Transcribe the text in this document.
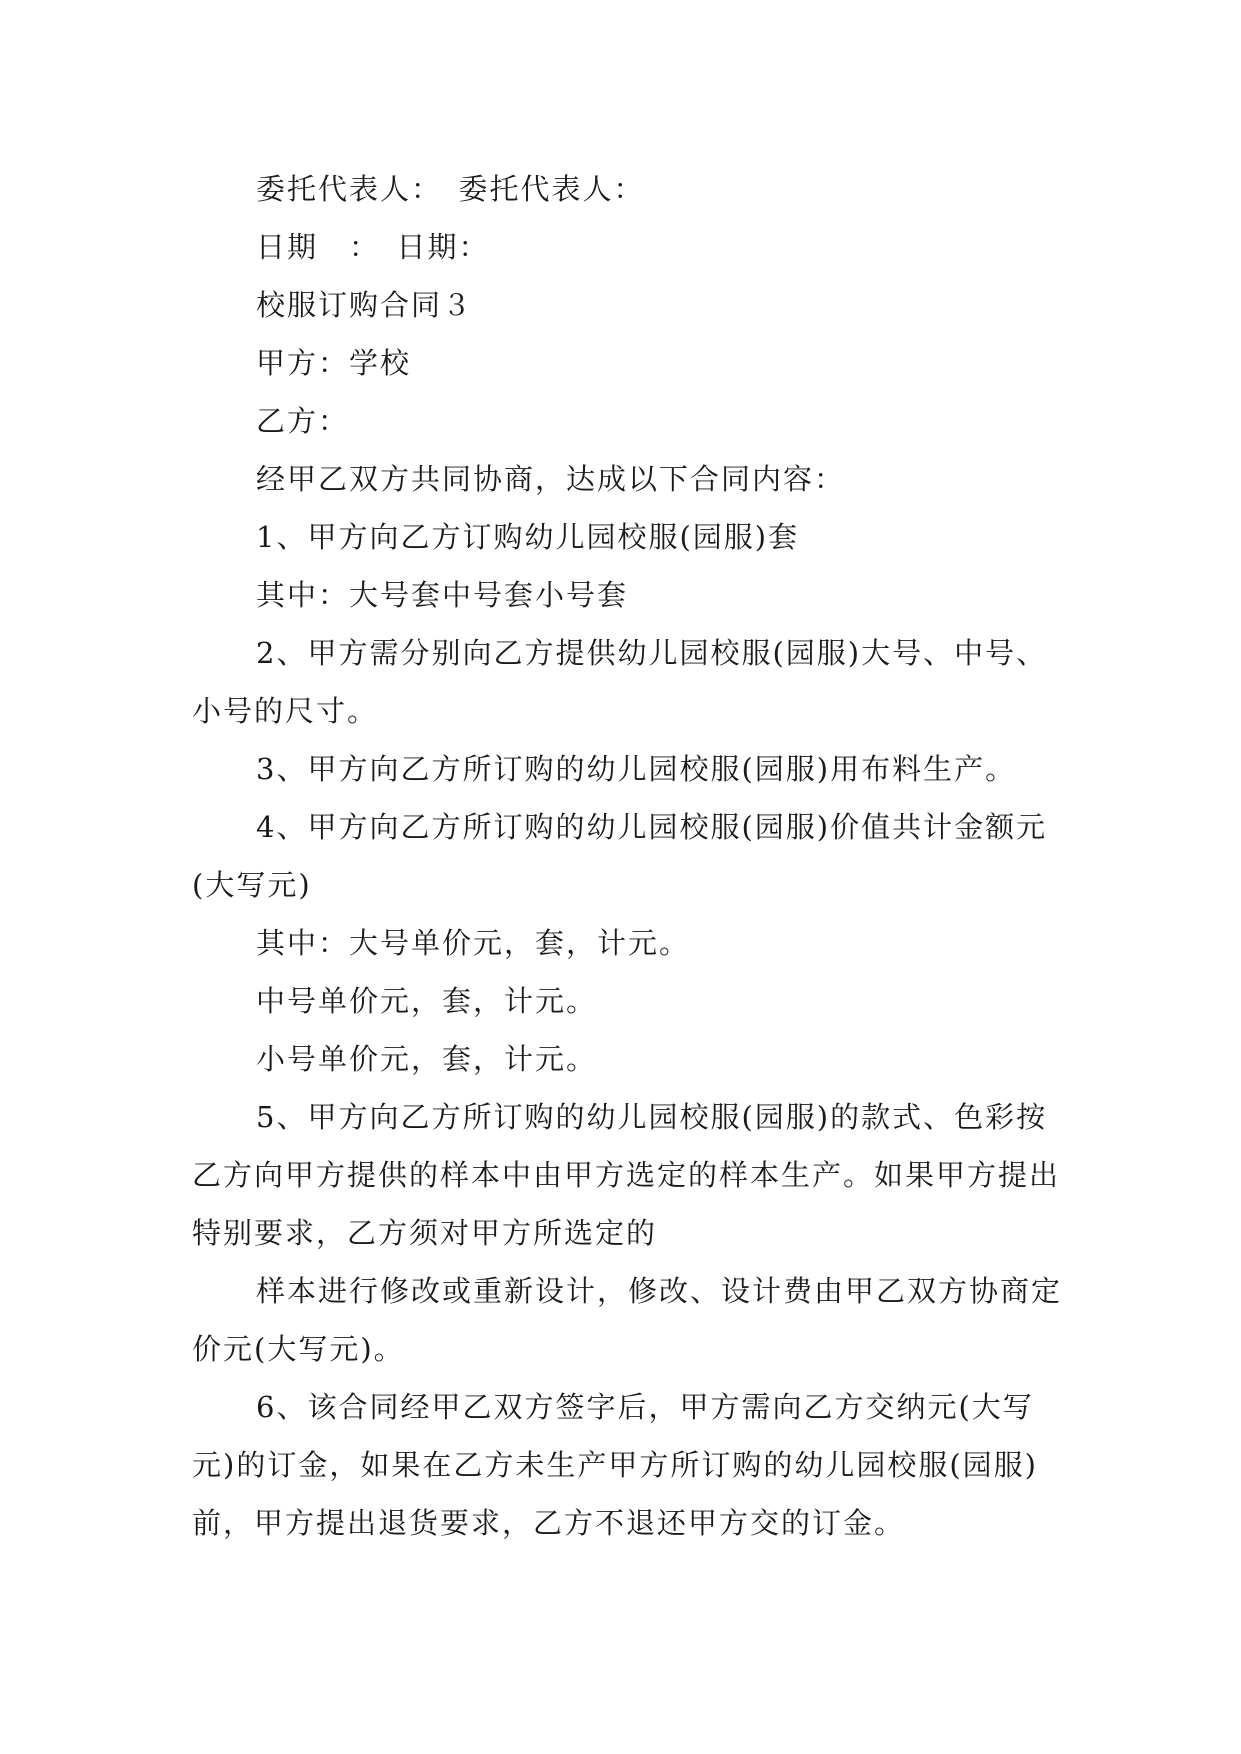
委托代表人：　委托代表人：

日期　：　日期：

校服订购合同３

甲方：学校

乙方：

经甲乙双方共同协商，达成以下合同内容：

1、甲方向乙方订购幼儿园校服(园服)套

其中：大号套中号套小号套

2、甲方需分别向乙方提供幼儿园校服(园服)大号、中号、小号的尺寸。

3、甲方向乙方所订购的幼儿园校服(园服)用布料生产。

4、甲方向乙方所订购的幼儿园校服(园服)价值共计金额元(大写元)

其中：大号单价元，套，计元。

中号单价元，套，计元。

小号单价元，套，计元。

5、甲方向乙方所订购的幼儿园校服(园服)的款式、色彩按乙方向甲方提供的样本中由甲方选定的样本生产。如果甲方提出特别要求，乙方须对甲方所选定的

样本进行修改或重新设计，修改、设计费由甲乙双方协商定价元(大写元)。

6、该合同经甲乙双方签字后，甲方需向乙方交纳元(大写元)的订金，如果在乙方未生产甲方所订购的幼儿园校服(园服)前，甲方提出退货要求，乙方不退还甲方交的订金。
